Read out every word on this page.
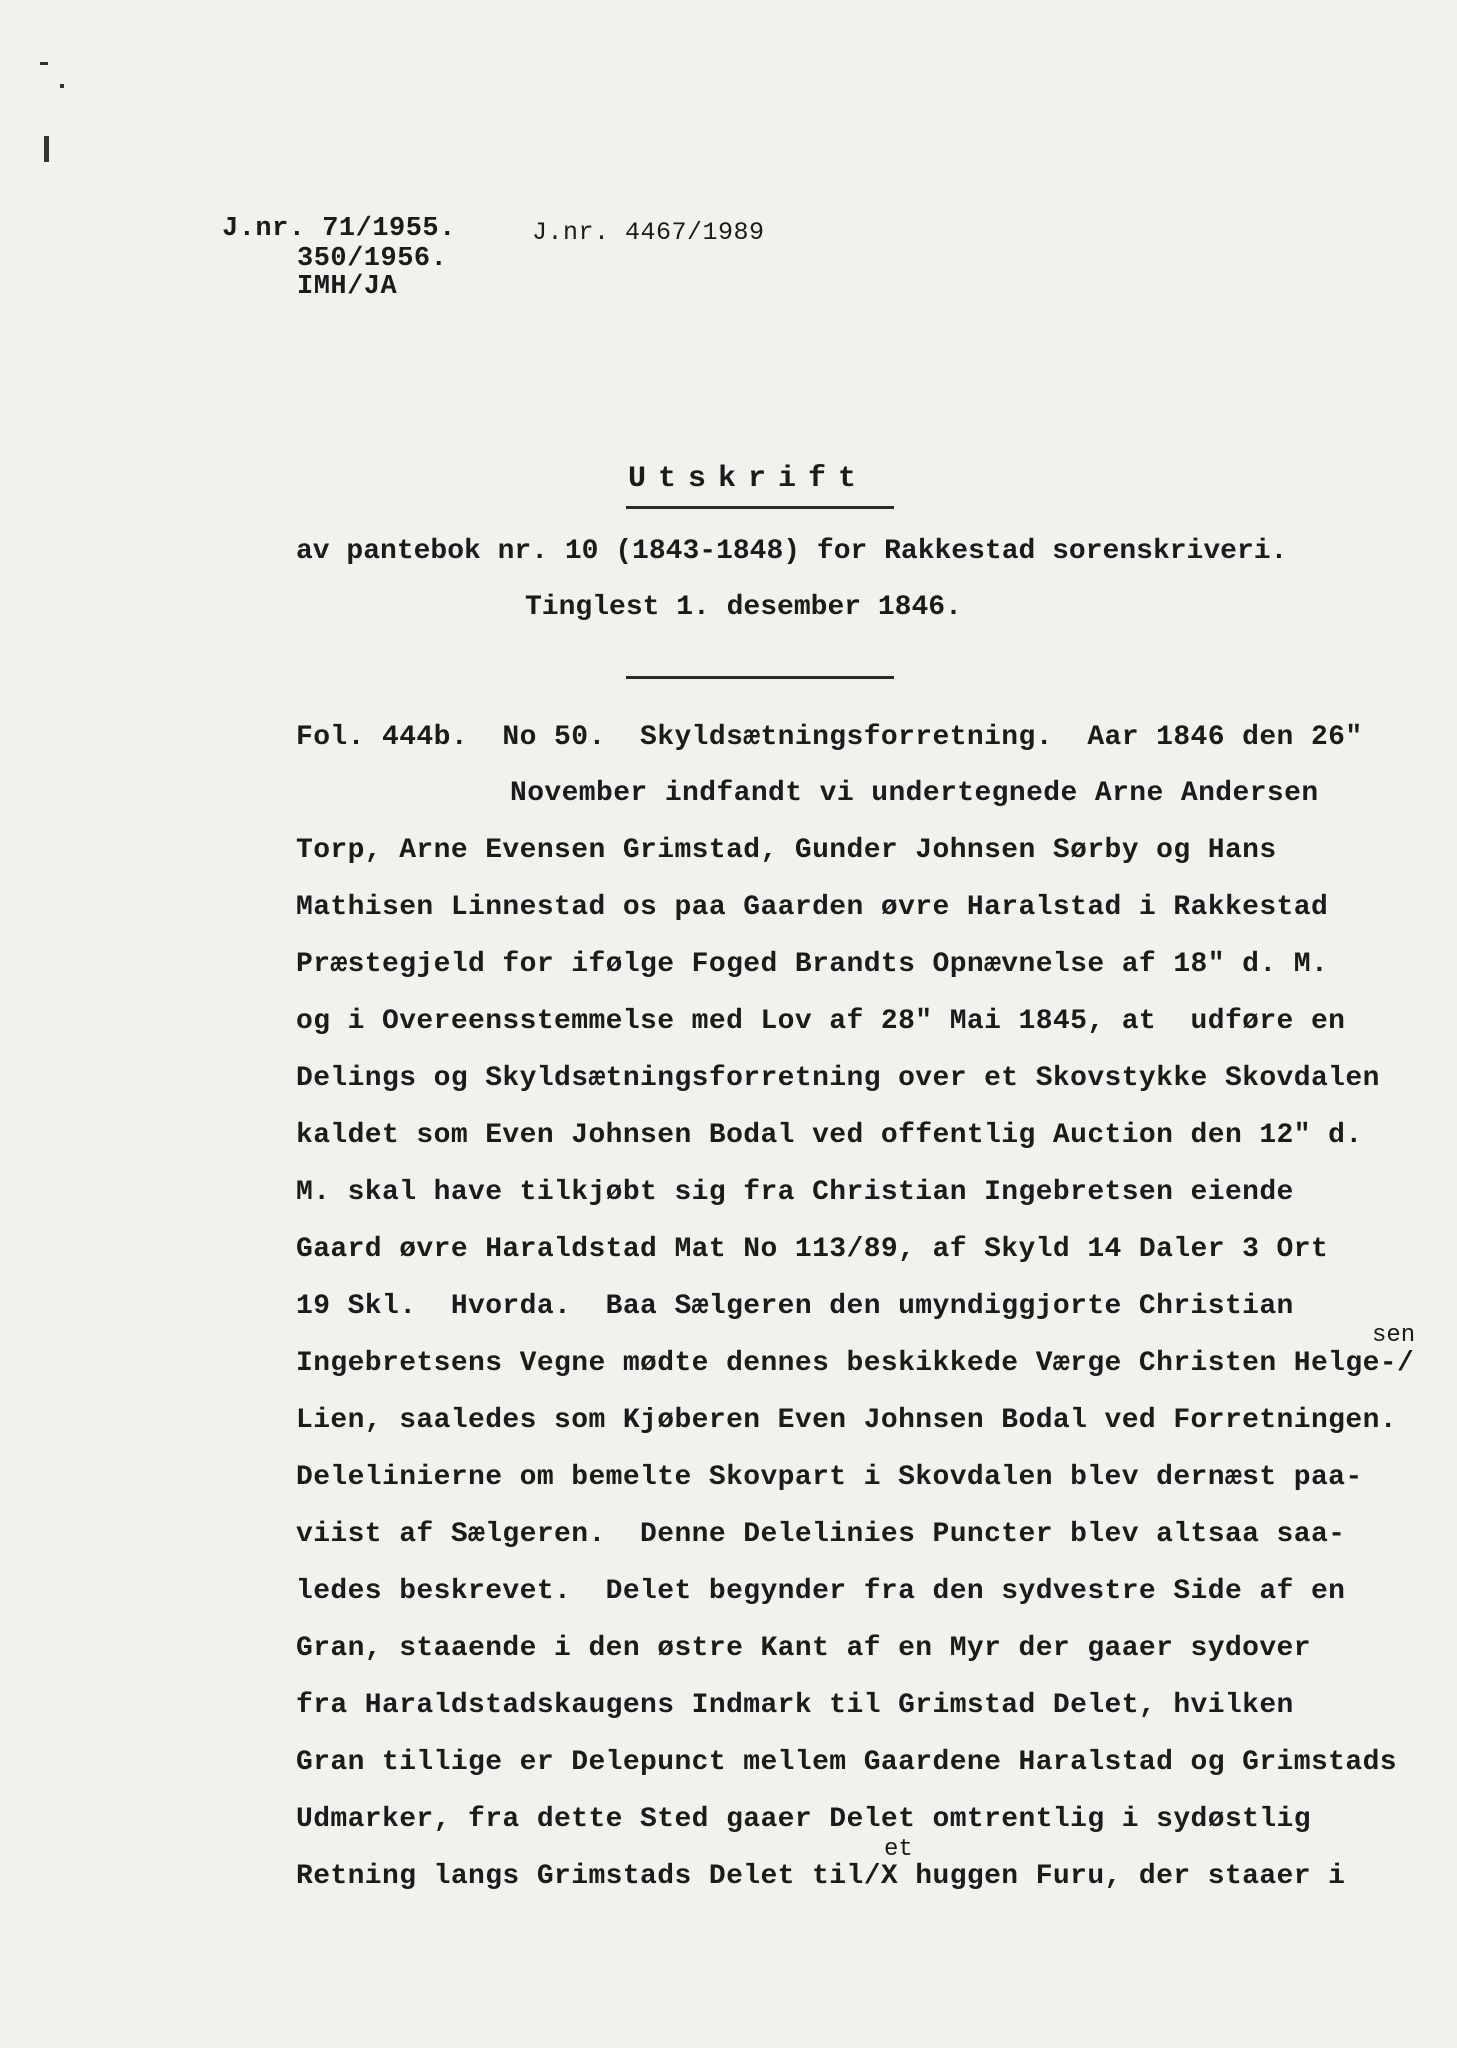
J.nr. 71/1955.
350/1956.
IMH/JA
J.nr. 4467/1989
Utskrift
av pantebok nr. 10 (1843-1848) for Rakkestad sorenskriveri.
Tinglest 1. desember 1846.
Fol. 444b.  No 50.  Skyldsætningsforretning.  Aar 1846 den 26"
November indfandt vi undertegnede Arne Andersen
Torp, Arne Evensen Grimstad, Gunder Johnsen Sørby og Hans
Mathisen Linnestad os paa Gaarden øvre Haralstad i Rakkestad
Præstegjeld for ifølge Foged Brandts Opnævnelse af 18" d. M.
og i Overeensstemmelse med Lov af 28" Mai 1845, at  udføre en
Delings og Skyldsætningsforretning over et Skovstykke Skovdalen
kaldet som Even Johnsen Bodal ved offentlig Auction den 12" d.
M. skal have tilkjøbt sig fra Christian Ingebretsen eiende
Gaard øvre Haraldstad Mat No 113/89, af Skyld 14 Daler 3 Ort
19 Skl.  Hvorda.  Baa Sælgeren den umyndiggjorte Christian
sen
Ingebretsens Vegne mødte dennes beskikkede Værge Christen Helge-/
Lien, saaledes som Kjøberen Even Johnsen Bodal ved Forretningen.
Delelinierne om bemelte Skovpart i Skovdalen blev dernæst paa-
viist af Sælgeren.  Denne Delelinies Puncter blev altsaa saa-
ledes beskrevet.  Delet begynder fra den sydvestre Side af en
Gran, staaende i den østre Kant af en Myr der gaaer sydover
fra Haraldstadskaugens Indmark til Grimstad Delet, hvilken
Gran tillige er Delepunct mellem Gaardene Haralstad og Grimstads
Udmarker, fra dette Sted gaaer Delet omtrentlig i sydøstlig
et
Retning langs Grimstads Delet til/X huggen Furu, der staaer i
